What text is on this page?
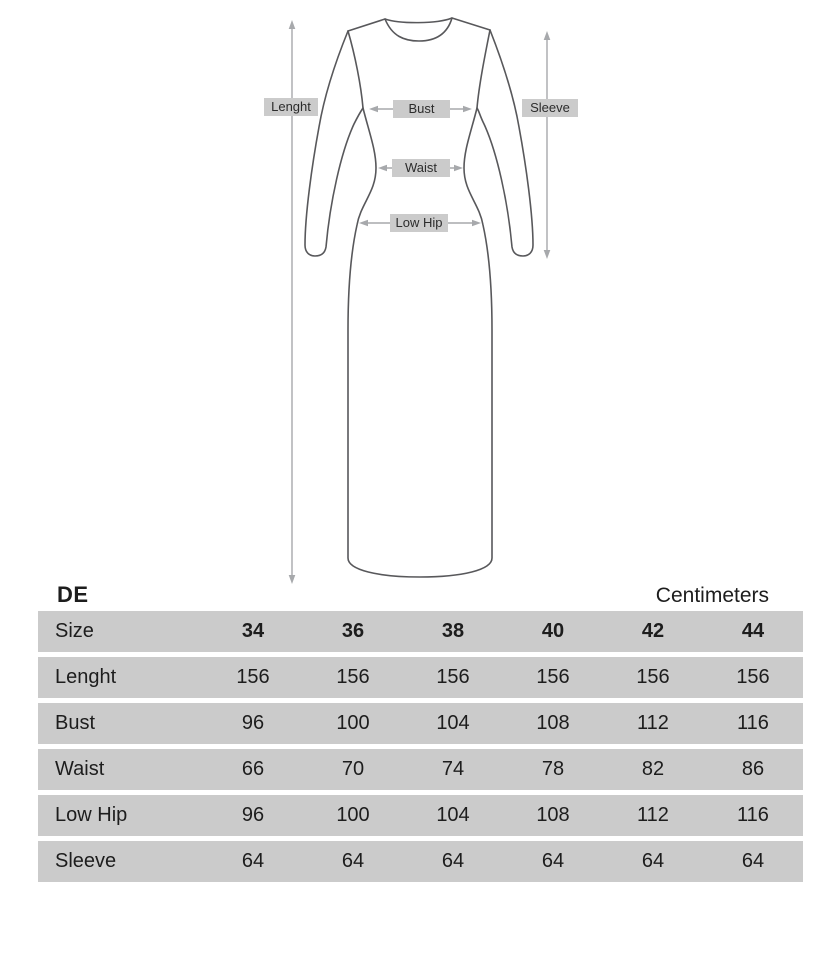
Lenght	Bust
Waist
Low Hip
Sleeve
DE	Centimeters
Size	34	36	38	40	42	44
Lenght	156	156	156	156	156	156
Bust	96	100	104	108	112	116
Waist	66	70	74	78	82	86
Low Hip	96	100	104	108	112	116
Sleeve	64	64	64	64	64	64
